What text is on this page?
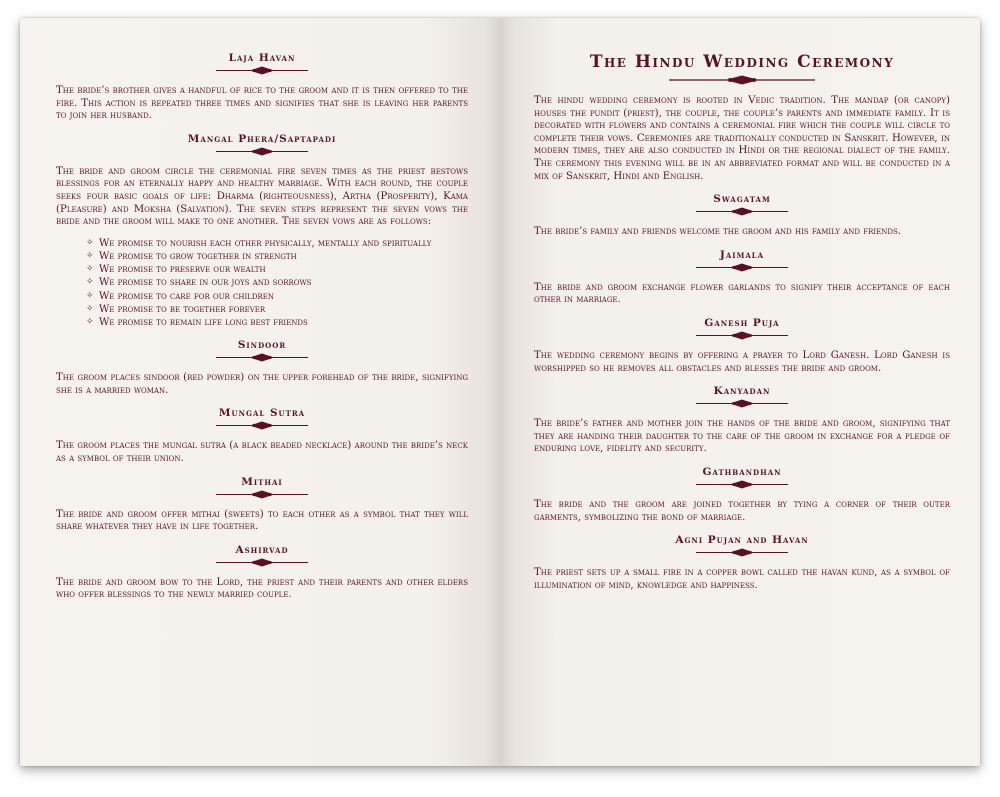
Laja Havan

The bride’s brother gives a handful of rice to the groom and it is then offered to the fire. This action is repeated three times and signifies that she is leaving her parents to join her husband.

Mangal Phera/Saptapadi

The bride and groom circle the ceremonial fire seven times as the priest bestows blessings for an eternally happy and healthy marriage. With each round, the couple seeks four basic goals of life: Dharma (righteousness), Artha (Prosperity), Kama (Pleasure) and Moksha (Salvation). The seven steps represent the seven vows the bride and the groom will make to one another. The seven vows are as follows:

✧ We promise to nourish each other physically, mentally and spiritually
✧ We promise to grow together in strength
✧ We promise to preserve our wealth
✧ We promise to share in our joys and sorrows
✧ We promise to care for our children
✧ We promise to be together forever
✧ We promise to remain life long best friends
Sindoor

The groom places sindoor (red powder) on the upper forehead of the bride, signifying she is a married woman.

Mungal Sutra

The groom places the mungal sutra (a black beaded necklace) around the bride’s neck as a symbol of their union.

Mithai

The bride and groom offer mithai (sweets) to each other as a symbol that they will share whatever they have in life together.

Ashirvad

The bride and groom bow to the Lord, the priest and their parents and other elders who offer blessings to the newly married couple.

The Hindu Wedding Ceremony

The hindu wedding ceremony is rooted in Vedic tradition. The mandap (or canopy) houses the pundit (priest), the couple, the couple’s parents and immediate family. It is decorated with flowers and contains a ceremonial fire which the couple will circle to complete their vows. Ceremonies are traditionally conducted in Sanskrit. However, in modern times, they are also conducted in Hindi or the regional dialect of the family. The ceremony this evening will be in an abbreviated format and will be conducted in a mix of Sanskrit, Hindi and English.

Swagatam

The bride’s family and friends welcome the groom and his family and friends.

Jaimala

The bride and groom exchange flower garlands to signify their acceptance of each other in marriage.

Ganesh Puja

The wedding ceremony begins by offering a prayer to Lord Ganesh. Lord Ganesh is worshipped so he removes all obstacles and blesses the bride and groom.

Kanyadan

The bride’s father and mother join the hands of the bride and groom, signifying that they are handing their daughter to the care of the groom in exchange for a pledge of enduring love, fidelity and security.

Gathbandhan

The bride and the groom are joined together by tying a corner of their outer garments, symbolizing the bond of marriage.

Agni Pujan and Havan

The priest sets up a small fire in a copper bowl called the havan kund, as a symbol of illumination of mind, knowledge and happiness.
